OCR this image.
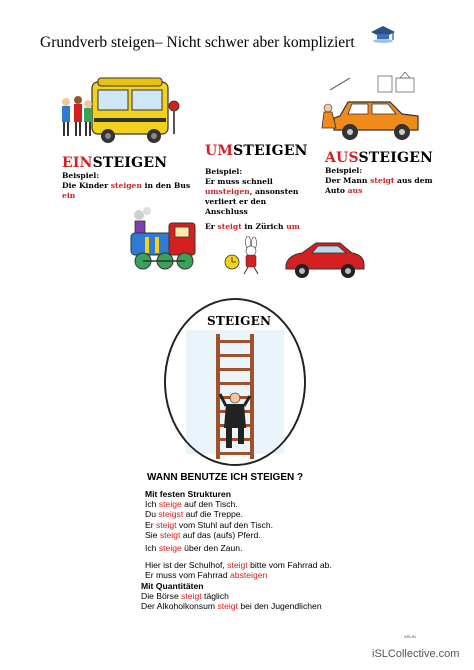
Grundverb steigen– Nicht schwer aber kompliziert
EINSTEIGEN
Beispiel:
Die Kinder steigen in den Bus
ein
UMSTEIGEN
Beispiel:
Er muss schnell
umsteigen, ansonsten
verliert er den
Anschluss
Er steigt in Zürich um
AUSSTEIGEN
Beispiel:
Der Mann steigt aus dem
Auto aus
STEIGEN
WANN BENUTZE ICH STEIGEN ?
Mit festen Strukturen
Ich steige auf den Tisch.
Du steigst auf die Treppe.
Er steigt vom Stuhl auf den Tisch.
Sie steigt auf das (aufs) Pferd.
Ich steige über den Zaun.
Hier ist der Schulhof, steigt bitte vom Fahrrad ab.
Er muss vom Fahrrad absteigen
Mit Quantitäten
Die Börse steigt täglich
Der Alkoholkonsum steigt bei den Jugendlichen
ARLIN
iSLCollective.com
